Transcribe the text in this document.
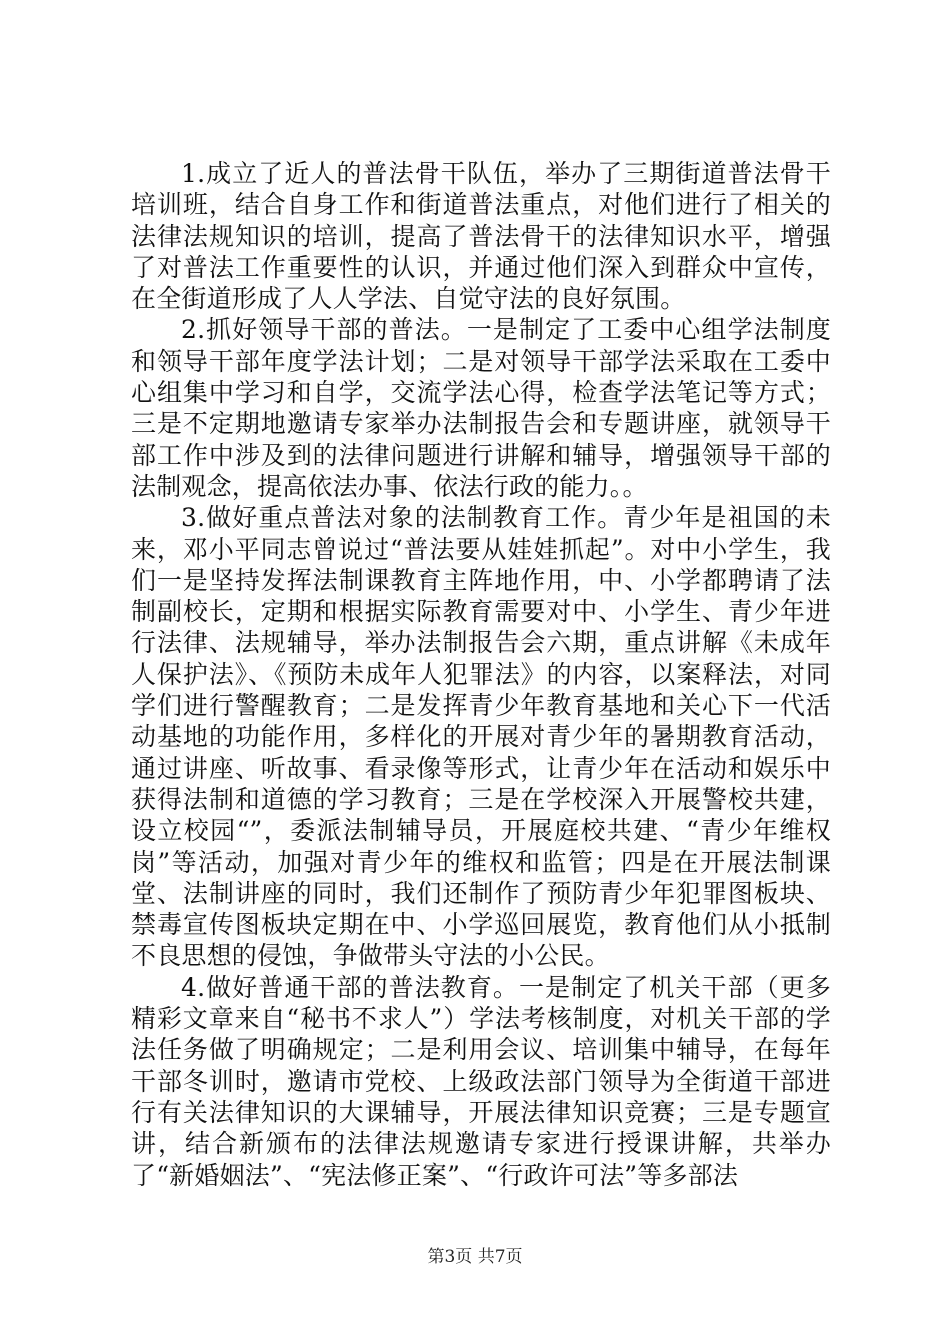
1.成立了近人的普法骨干队伍，举办了三期街道普法骨干培训班，结合自身工作和街道普法重点，对他们进行了相关的法律法规知识的培训，提高了普法骨干的法律知识水平，增强了对普法工作重要性的认识，并通过他们深入到群众中宣传，在全街道形成了人人学法、自觉守法的良好氛围。

2.抓好领导干部的普法。一是制定了工委中心组学法制度和领导干部年度学法计划；二是对领导干部学法采取在工委中心组集中学习和自学，交流学法心得，检查学法笔记等方式；三是不定期地邀请专家举办法制报告会和专题讲座，就领导干部工作中涉及到的法律问题进行讲解和辅导，增强领导干部的法制观念，提高依法办事、依法行政的能力。。

3.做好重点普法对象的法制教育工作。青少年是祖国的未来，邓小平同志曾说过“普法要从娃娃抓起”。对中小学生，我们一是坚持发挥法制课教育主阵地作用，中、小学都聘请了法制副校长，定期和根据实际教育需要对中、小学生、青少年进行法律、法规辅导，举办法制报告会六期，重点讲解《未成年人保护法》、《预防未成年人犯罪法》的内容，以案释法，对同学们进行警醒教育；二是发挥青少年教育基地和关心下一代活动基地的功能作用，多样化的开展对青少年的暑期教育活动，通过讲座、听故事、看录像等形式，让青少年在活动和娱乐中获得法制和道德的学习教育；三是在学校深入开展警校共建，设立校园“”，委派法制辅导员，开展庭校共建、“青少年维权岗”等活动，加强对青少年的维权和监管；四是在开展法制课堂、法制讲座的同时，我们还制作了预防青少年犯罪图板块、禁毒宣传图板块定期在中、小学巡回展览，教育他们从小抵制不良思想的侵蚀，争做带头守法的小公民。

4.做好普通干部的普法教育。一是制定了机关干部（更多精彩文章来自“秘书不求人”）学法考核制度，对机关干部的学法任务做了明确规定；二是利用会议、培训集中辅导，在每年干部冬训时，邀请市党校、上级政法部门领导为全街道干部进行有关法律知识的大课辅导，开展法律知识竞赛；三是专题宣讲，结合新颁布的法律法规邀请专家进行授课讲解，共举办了“新婚姻法”、“宪法修正案”、“行政许可法”等多部法

第3页 共7页
